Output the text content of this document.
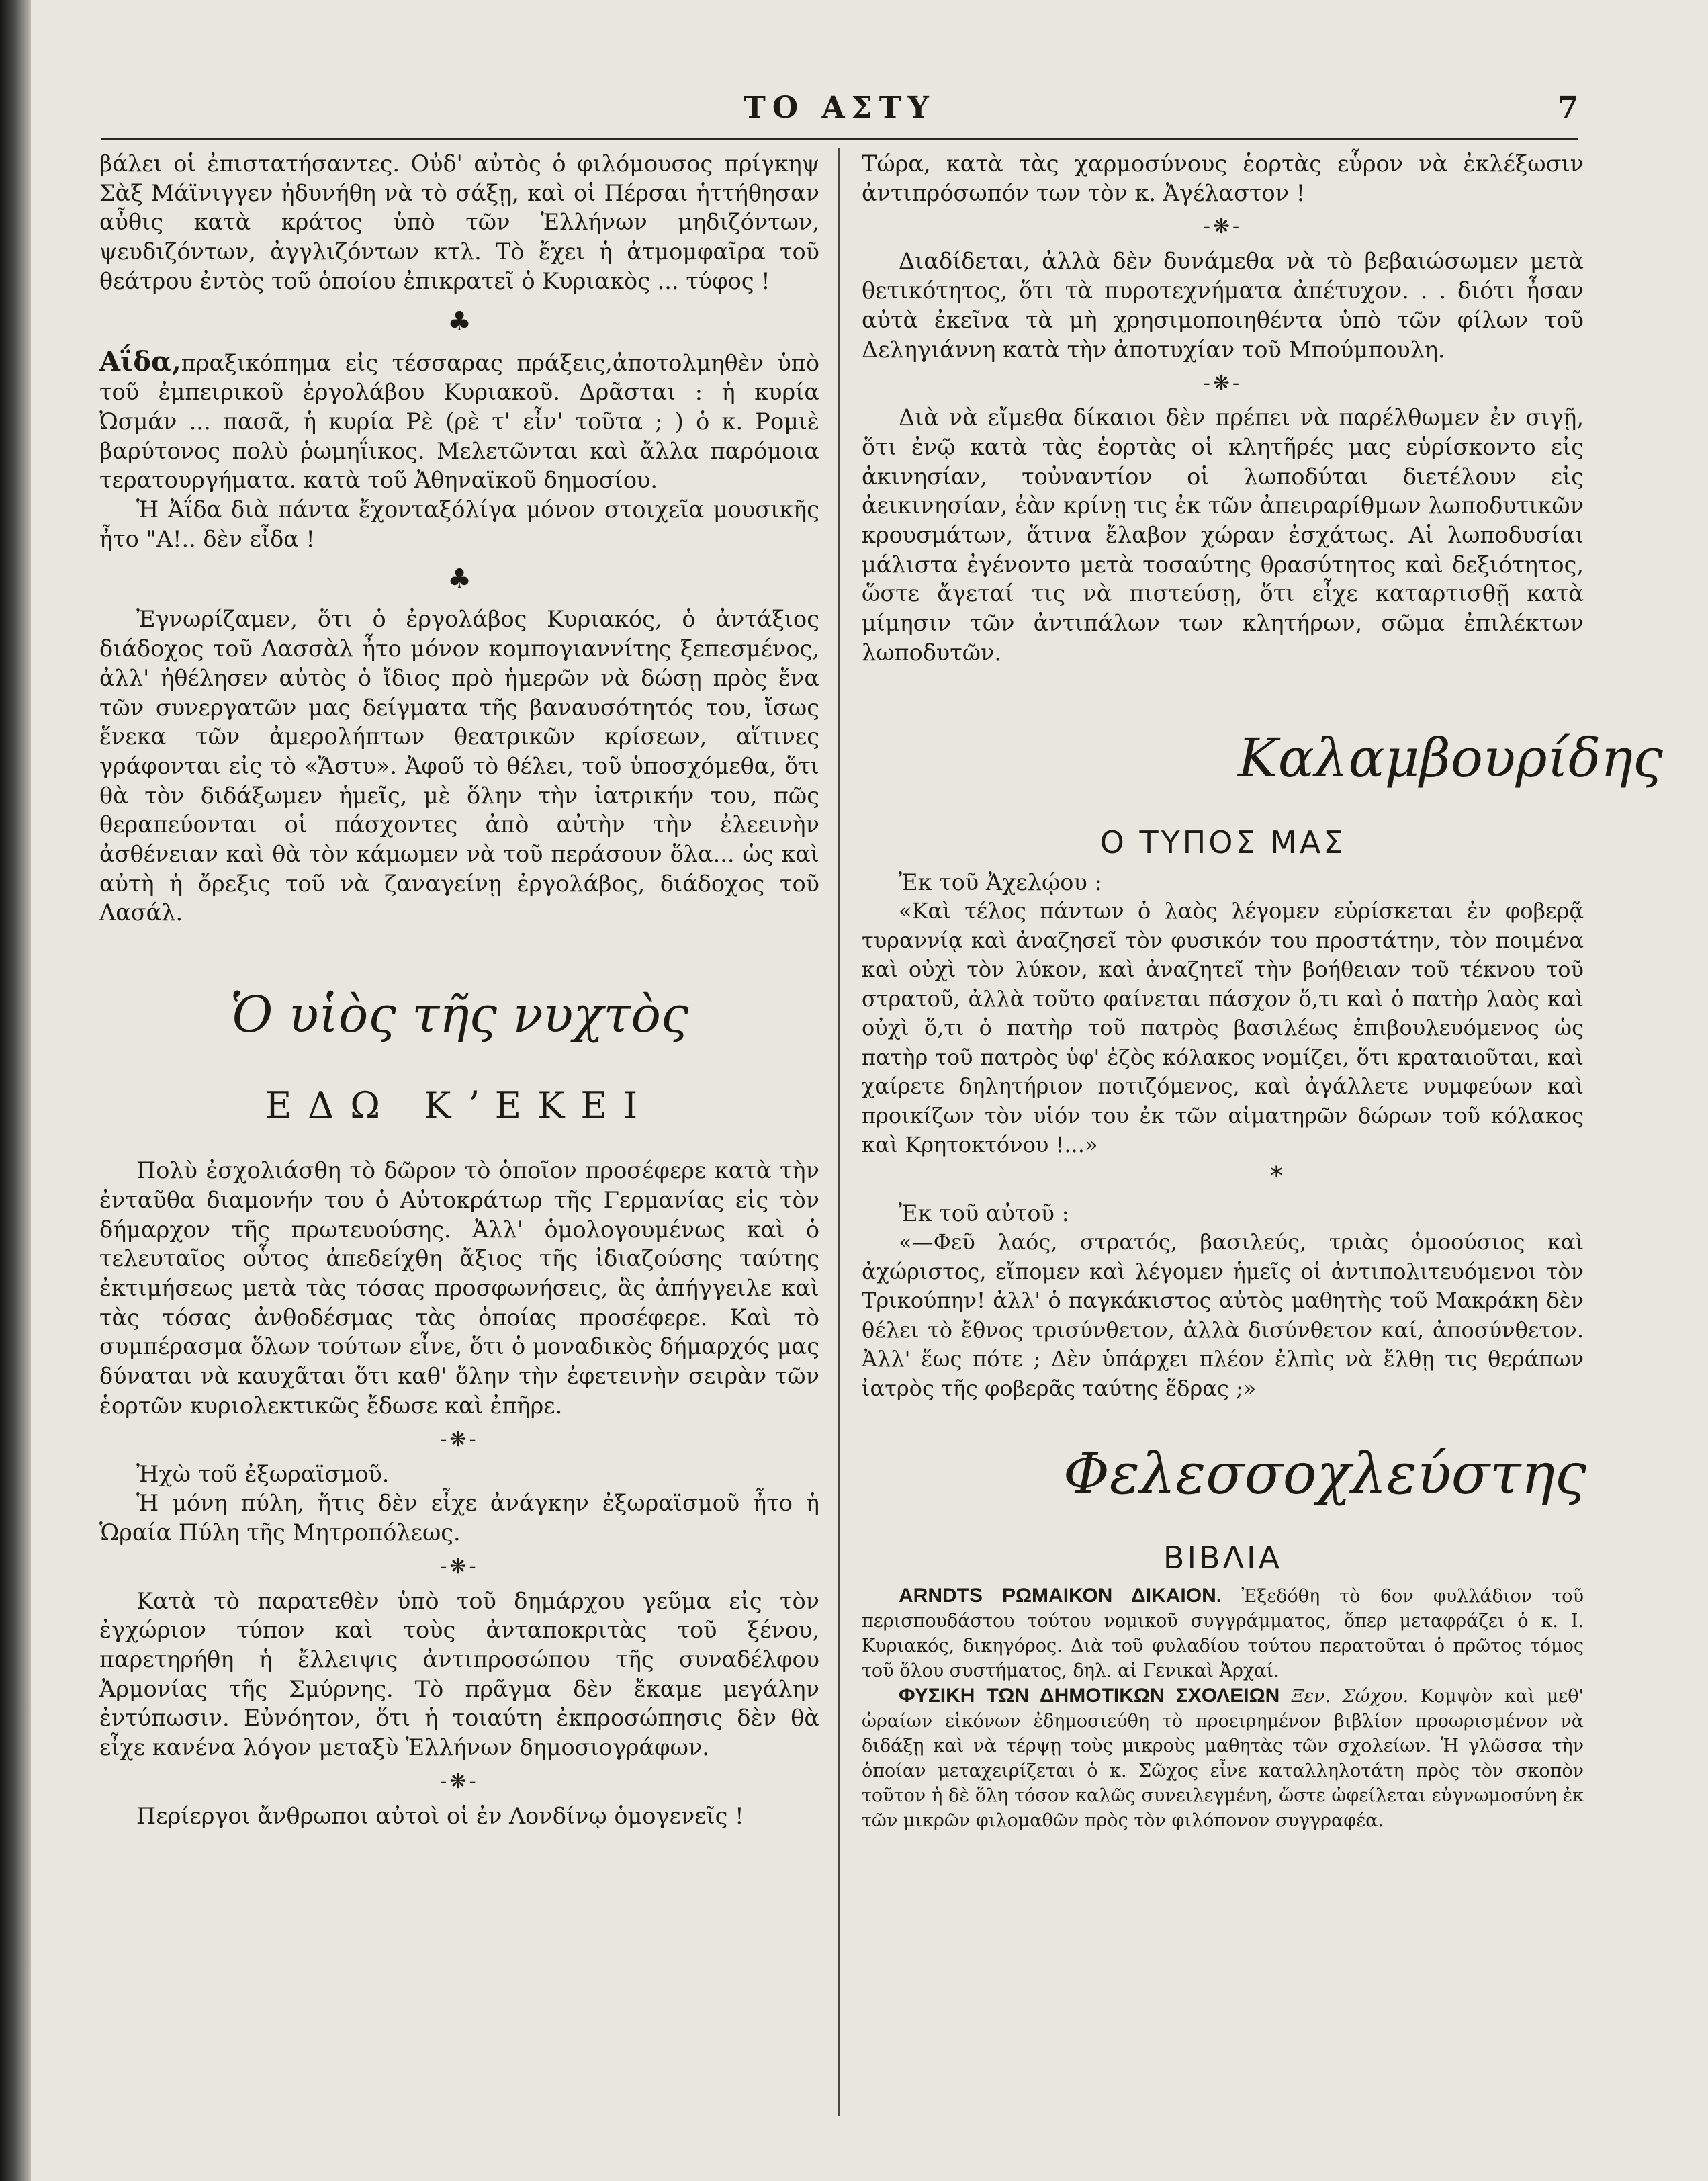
ΤΟ ΑΣΤΥ	7

βάλει οἱ ἐπιστατήσαντες. Οὐδ' αὐτὸς ὁ φιλόμουσος πρίγκηψ Σὰξ Μάϊνιγγεν ἠδυνήθη νὰ τὸ σάξῃ, καὶ οἱ Πέρσαι ἡττήθησαν αὖθις κατὰ κράτος ὑπὸ τῶν Ἑλλήνων μηδιζόντων, ψευδιζόντων, ἀγγλιζόντων κτλ. Τὸ ἔχει ἡ ἀτμομφαῖρα τοῦ θεάτρου ἐντὸς τοῦ ὁποίου ἐπικρατεῖ ὁ Κυριακὸς ... τύφος !

♣

Αΐδα,πραξικόπημα εἰς τέσσαρας πράξεις,ἀποτολμηθὲν ὑπὸ τοῦ ἐμπειρικοῦ ἐργολάβου Κυριακοῦ. Δρᾶσται : ἡ κυρία Ὠσμάν ... πασᾶ, ἡ κυρία Ρὲ (ρὲ τ' εἶν' τοῦτα ; ) ὁ κ. Ρομιὲ βαρύτονος πολὺ ῥωμηΐικος. Μελετῶνται καὶ ἄλλα παρόμοια τερατουργήματα. κατὰ τοῦ Ἀθηναϊκοῦ δημοσίου.

Ἡ Ἀΐδα διὰ πάντα ἔχονταξόλίγα μόνον στοιχεῖα μουσικῆς ἦτο "Α!.. δὲν εἶδα !

♣

Ἐγνωρίζαμεν, ὅτι ὁ ἐργολάβος Κυριακός, ὁ ἀντάξιος διάδοχος τοῦ Λασσὰλ ἦτο μόνον κομπογιαννίτης ξεπεσμένος, ἀλλ' ἠθέλησεν αὐτὸς ὁ ἴδιος πρὸ ἡμερῶν νὰ δώσῃ πρὸς ἕνα τῶν συνεργατῶν μας δείγματα τῆς βαναυσότητός του, ἴσως ἕνεκα τῶν ἀμερολήπτων θεατρικῶν κρίσεων, αἵτινες γράφονται εἰς τὸ «Ἄστυ». Ἀφοῦ τὸ θέλει, τοῦ ὑποσχόμεθα, ὅτι θὰ τὸν διδάξωμεν ἡμεῖς, μὲ ὅλην τὴν ἰατρικήν του, πῶς θεραπεύονται οἱ πάσχοντες ἀπὸ αὐτὴν τὴν ἐλεεινὴν ἀσθένειαν καὶ θὰ τὸν κάμωμεν νὰ τοῦ περάσουν ὅλα... ὡς καὶ αὐτὴ ἡ ὄρεξις τοῦ νὰ ζαναγείνῃ ἐργολάβος, διάδοχος τοῦ Λασάλ.

Ὁ υἱὸς τῆς νυχτὸς
ΕΔΩ ΚʼΕΚΕΙ

Πολὺ ἐσχολιάσθη τὸ δῶρον τὸ ὁποῖον προσέφερε κατὰ τὴν ἐνταῦθα διαμονήν του ὁ Αὐτοκράτωρ τῆς Γερμανίας εἰς τὸν δήμαρχον τῆς πρωτευούσης. Ἀλλ' ὁμολογουμένως καὶ ὁ τελευταῖος οὗτος ἀπεδείχθη ἄξιος τῆς ἰδιαζούσης ταύτης ἐκτιμήσεως μετὰ τὰς τόσας προσφωνήσεις, ἃς ἀπήγγειλε καὶ τὰς τόσας ἀνθοδέσμας τὰς ὁποίας προσέφερε. Καὶ τὸ συμπέρασμα ὅλων τούτων εἶνε, ὅτι ὁ μοναδικὸς δήμαρχός μας δύναται νὰ καυχᾶται ὅτι καθ' ὅλην τὴν ἐφετεινὴν σειρὰν τῶν ἑορτῶν κυριολεκτικῶς ἔδωσε καὶ ἐπῆρε.

-❋-

Ἠχὼ τοῦ ἐξωραϊσμοῦ.

Ἡ μόνη πύλη, ἥτις δὲν εἶχε ἀνάγκην ἐξωραϊσμοῦ ἦτο ἡ Ὡραία Πύλη τῆς Μητροπόλεως.

-❋-

Κατὰ τὸ παρατεθὲν ὑπὸ τοῦ δημάρχου γεῦμα εἰς τὸν ἐγχώριον τύπον καὶ τοὺς ἀνταποκριτὰς τοῦ ξένου, παρετηρήθη ἡ ἔλλειψις ἀντιπροσώπου τῆς συναδέλφου Ἀρμονίας τῆς Σμύρνης. Τὸ πρᾶγμα δὲν ἔκαμε μεγάλην ἐντύπωσιν. Εὐνόητον, ὅτι ἡ τοιαύτη ἐκπροσώπησις δὲν θὰ εἶχε κανένα λόγον μεταξὺ Ἑλλήνων δημοσιογράφων.

-❋-

Περίεργοι ἄνθρωποι αὐτοὶ οἱ ἐν Λονδίνῳ ὁμογενεῖς !

Τώρα, κατὰ τὰς χαρμοσύνους ἑορτὰς εὗρον νὰ ἐκλέξωσιν ἀντιπρόσωπόν των τὸν κ. Ἀγέλαστον !

-❋-

Διαδίδεται, ἀλλὰ δὲν δυνάμεθα νὰ τὸ βεβαιώσωμεν μετὰ θετικότητος, ὅτι τὰ πυροτεχνήματα ἀπέτυχον. . . διότι ἦσαν αὐτὰ ἐκεῖνα τὰ μὴ χρησιμοποιηθέντα ὑπὸ τῶν φίλων τοῦ Δεληγιάννη κατὰ τὴν ἀποτυχίαν τοῦ Μπούμπουλη.

-❋-

Διὰ νὰ εἴμεθα δίκαιοι δὲν πρέπει νὰ παρέλθωμεν ἐν σιγῇ, ὅτι ἐνῷ κατὰ τὰς ἑορτὰς οἱ κλητῆρές μας εὑρίσκοντο εἰς ἀκινησίαν, τοὐναντίον οἱ λωποδύται διετέλουν εἰς ἀεικινησίαν, ἐὰν κρίνῃ τις ἐκ τῶν ἀπειραρίθμων λωποδυτικῶν κρουσμάτων, ἅτινα ἔλαβον χώραν ἐσχάτως. Αἱ λωποδυσίαι μάλιστα ἐγένοντο μετὰ τοσαύτης θρασύτητος καὶ δεξιότητος, ὥστε ἄγεταί τις νὰ πιστεύσῃ, ὅτι εἶχε καταρτισθῇ κατὰ μίμησιν τῶν ἀντιπάλων των κλητήρων, σῶμα ἐπιλέκτων λωποδυτῶν.

Καλαμβουρίδης
Ο ΤΥΠΟΣ ΜΑΣ

Ἐκ τοῦ Ἀχελῴου :

«Καὶ τέλος πάντων ὁ λαὸς λέγομεν εὑρίσκεται ἐν φοβερᾷ τυραννίᾳ καὶ ἀναζησεῖ τὸν φυσικόν του προστάτην, τὸν ποιμένα καὶ οὐχὶ τὸν λύκον, καὶ ἀναζητεῖ τὴν βοήθειαν τοῦ τέκνου τοῦ στρατοῦ, ἀλλὰ τοῦτο φαίνεται πάσχον ὅ,τι καὶ ὁ πατὴρ λαὸς καὶ οὐχὶ ὅ,τι ὁ πατὴρ τοῦ πατρὸς βασιλέως ἐπιβουλευόμενος ὡς πατὴρ τοῦ πατρὸς ὑφ' ἐζὸς κόλακος νομίζει, ὅτι κραταιοῦται, καὶ χαίρετε δηλητήριον ποτιζόμενος, καὶ ἀγάλλετε νυμφεύων καὶ προικίζων τὸν υἱόν του ἐκ τῶν αἱματηρῶν δώρων τοῦ κόλακος καὶ Κρητοκτόνου !...»

*

Ἐκ τοῦ αὐτοῦ :

«—Φεῦ λαός, στρατός, βασιλεύς, τριὰς ὁμοούσιος καὶ ἀχώριστος, εἴπομεν καὶ λέγομεν ἡμεῖς οἱ ἀντιπολιτευόμενοι τὸν Τρικούπην! ἀλλ' ὁ παγκάκιστος αὐτὸς μαθητὴς τοῦ Μακράκη δὲν θέλει τὸ ἔθνος τρισύνθετον, ἀλλὰ δισύνθετον καί, ἀποσύνθετον. Ἀλλ' ἕως πότε ; Δὲν ὑπάρχει πλέον ἐλπὶς νὰ ἔλθῃ τις θεράπων ἰατρὸς τῆς φοβερᾶς ταύτης ἕδρας ;»

Φελεσσοχλεύστης
ΒΙΒΛΙΑ

ARNDTS ΡΩΜΑΙΚΟΝ ΔΙΚΑΙΟΝ. Ἐξεδόθη τὸ 6ον φυλλάδιον τοῦ περισπουδάστου τούτου νομικοῦ συγγράμματος, ὅπερ μεταφράζει ὁ κ. Ι. Κυριακός, δικηγόρος. Διὰ τοῦ φυλαδίου τούτου περατοῦται ὁ πρῶτος τόμος τοῦ ὅλου συστήματος, δηλ. αἱ Γενικαὶ Ἀρχαί.

ΦΥΣΙΚΗ ΤΩΝ ΔΗΜΟΤΙΚΩΝ ΣΧΟΛΕΙΩΝ Ξεν. Σώχου. Κομψὸν καὶ μεθ' ὡραίων εἰκόνων ἐδημοσιεύθη τὸ προειρημένον βιβλίον προωρισμένον νὰ διδάξῃ καὶ νὰ τέρψῃ τοὺς μικροὺς μαθητὰς τῶν σχολείων. Ἡ γλῶσσα τὴν ὁποίαν μεταχειρίζεται ὁ κ. Σῶχος εἶνε καταλληλοτάτη πρὸς τὸν σκοπὸν τοῦτον ἡ δὲ ὅλη τόσον καλῶς συνειλεγμένη, ὥστε ὠφείλεται εὐγνωμοσύνη ἐκ τῶν μικρῶν φιλομαθῶν πρὸς τὸν φιλόπονον συγγραφέα.
